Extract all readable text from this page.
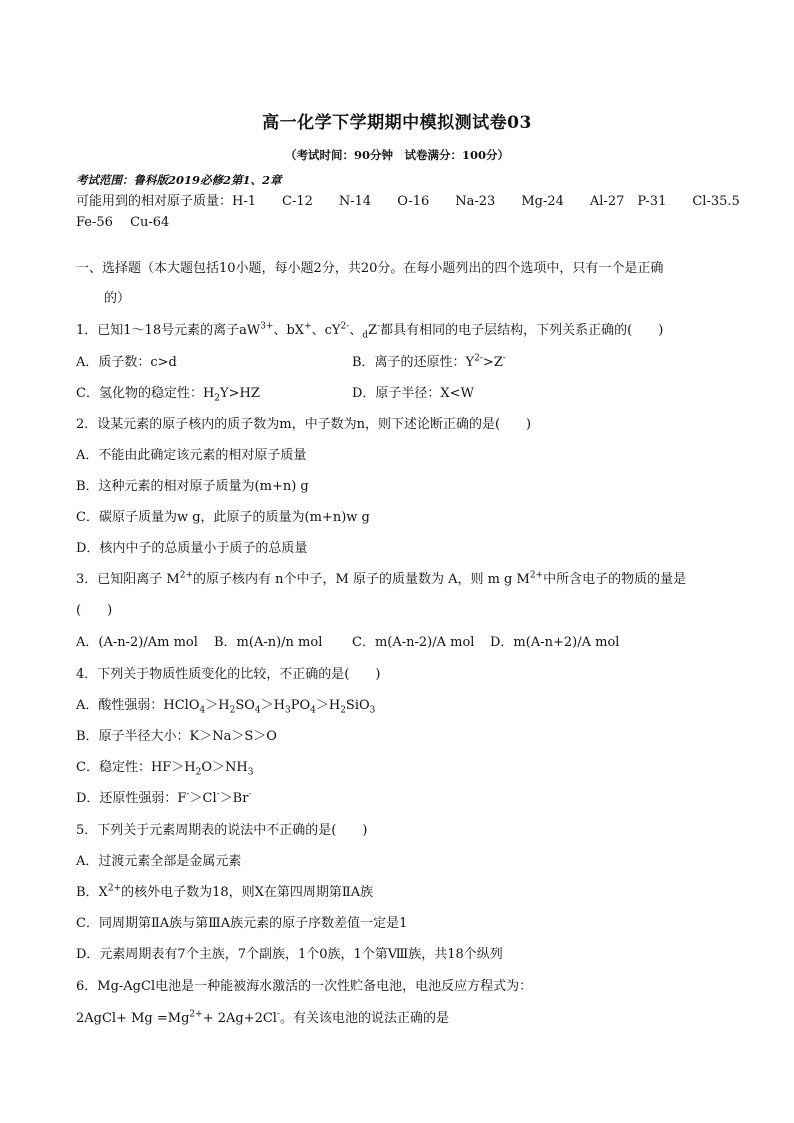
高一化学下学期期中模拟测试卷03
（考试时间：90分钟　试卷满分：100分）
考试范围：鲁科版2019必修2第1、2章
可能用到的相对原子质量：H-1　　C-12　　N-14　　O-16　　Na-23　　Mg-24　　Al-27　P-31　　Cl-35.5
Fe-56　 Cu-64
一、选择题（本大题包括10小题，每小题2分，共20分。在每小题列出的四个选项中，只有一个是正确
的）
1．已知1～18号元素的离子$aW^{3+}$、bX+、$cY^{2-}$、$_d$Z-都具有相同的电子层结构，下列关系正确的(　　)
A．质子数：c>d	B．离子的还原性：$Y^{2-}>Z^-$
C．氢化物的稳定性：$H_2Y>HZ$	D．原子半径：X<W
2．设某元素的原子核内的质子数为m，中子数为n，则下述论断正确的是(　　)
A．不能由此确定该元素的相对原子质量
B．这种元素的相对原子质量为(m+n) g
C．碳原子质量为w g，此原子的质量为(m+n)w g
D．核内中子的总质量小于质子的总质量
3．已知阳离子 $M^{2+}$的原子核内有 n个中子，M 原子的质量数为 A，则 m g $M^{2+}$中所含电子的物质的量是
(　　)
A．(A-n-2)/Am mol B．m(A-n)/n mol C．m(A-n-2)/A mol D．m(A-n+2)/A mol
4．下列关于物质性质变化的比较，不正确的是(　　)
A．酸性强弱：$HClO_4>H_2SO_4>H_3PO_4>H_2SiO_3$
B．原子半径大小：K＞Na＞S＞O
C．稳定性：$HF>H_2O>NH_3$
D．还原性强弱：F-＞Cl-＞Br-
5．下列关于元素周期表的说法中不正确的是(　　)
A．过渡元素全部是金属元素
B．$X^{2+}$的核外电子数为18，则X在第四周期第ⅡA族
C．同周期第ⅡA族与第ⅢA族元素的原子序数差值一定是1
D．元素周期表有7个主族，7个副族，1个0族，1个第Ⅷ族，共18个纵列
6．Mg-AgCl电池是一种能被海水激活的一次性贮备电池，电池反应方程式为：
2AgCl+ $Mg =Mg^{2+}+ 2Ag+2Cl^-$。有关该电池的说法正确的是
